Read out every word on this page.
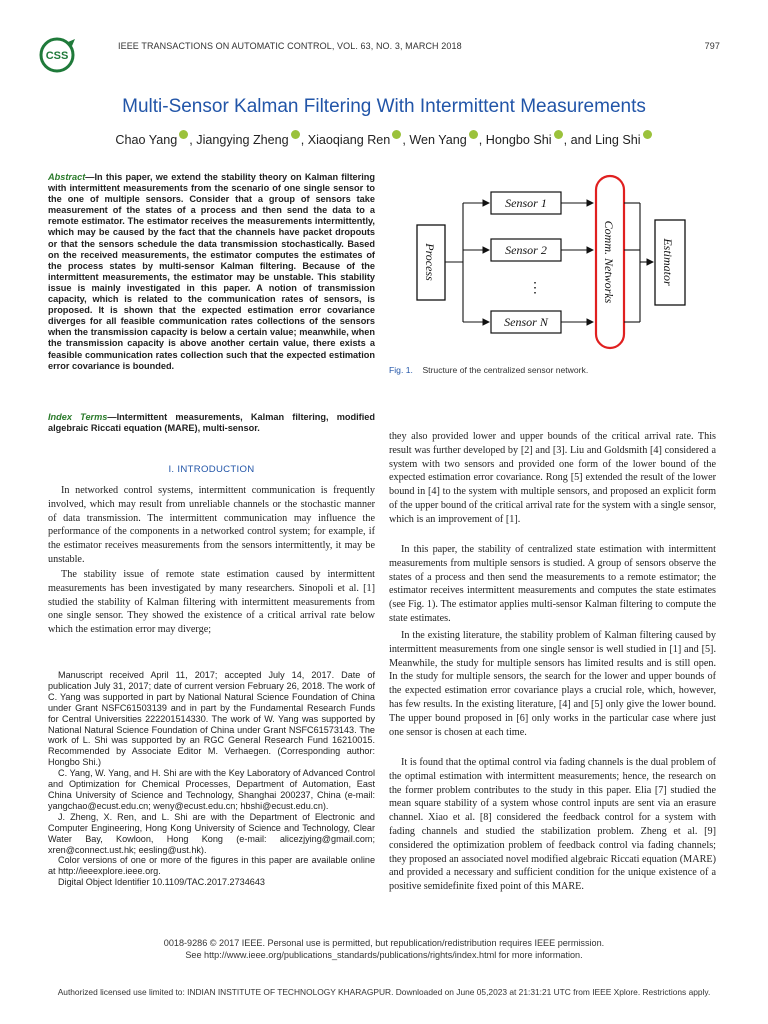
CSS
IEEE TRANSACTIONS ON AUTOMATIC CONTROL, VOL. 63, NO. 3, MARCH 2018	797
Multi-Sensor Kalman Filtering With Intermittent Measurements
Chao Yang , Jiangying Zheng , Xiaoqiang Ren , Wen Yang , Hongbo Shi , and Ling Shi
Abstract—In this paper, we extend the stability theory on Kalman filtering with intermittent measurements from the scenario of one single sensor to the one of multiple sensors. Consider that a group of sensors take measurement of the states of a process and then send the data to a remote estimator. The estimator receives the measurements intermittently, which may be caused by the fact that the channels have packet dropouts or that the sensors schedule the data transmission stochastically. Based on the received measurements, the estimator computes the estimates of the process states by multi-sensor Kalman filtering. Because of the intermittent measurements, the estimator may be unstable. This stability issue is mainly investigated in this paper. A notion of transmission capacity, which is related to the communication rates of sensors, is proposed. It is shown that the expected estimation error covariance diverges for all feasible communication rates collections of the sensors when the transmission capacity is below a certain value; meanwhile, when the transmission capacity is above another certain value, there exists a feasible communication rates collection such that the expected estimation error covariance is bounded.
Index Terms—Intermittent measurements, Kalman filtering, modified algebraic Riccati equation (MARE), multi-sensor.
I. INTRODUCTION
In networked control systems, intermittent communication is frequently involved, which may result from unreliable channels or the stochastic manner of data transmission. The intermittent communication may influence the performance of the components in a networked control system; for example, if the estimator receives measurements from the sensors intermittently, it may be unstable.
The stability issue of remote state estimation caused by intermittent measurements has been investigated by many researchers. Sinopoli et al. [1] studied the stability of Kalman filtering with intermittent measurements from one single sensor. They showed the existence of a critical arrival rate below which the estimation error may diverge;

Manuscript received April 11, 2017; accepted July 14, 2017. Date of publication July 31, 2017; date of current version February 26, 2018. The work of C. Yang was supported in part by National Natural Science Foundation of China under Grant NSFC61503139 and in part by the Fundamental Research Funds for Central Universities 222201514330. The work of W. Yang was supported by National Natural Science Foundation of China under Grant NSFC61573143. The work of L. Shi was supported by an RGC General Research Fund 16210015. Recommended by Associate Editor M. Verhaegen. (Corresponding author: Hongbo Shi.)

C. Yang, W. Yang, and H. Shi are with the Key Laboratory of Advanced Control and Optimization for Chemical Processes, Department of Automation, East China University of Science and Technology, Shanghai 200237, China (e-mail: yangchao@ecust.edu.cn; weny@ecust.edu.cn; hbshi@ecust.edu.cn).

J. Zheng, X. Ren, and L. Shi are with the Department of Electronic and Computer Engineering, Hong Kong University of Science and Technology, Clear Water Bay, Kowloon, Hong Kong (e-mail: alicezjying@gmail.com; xren@connect.ust.hk; eesling@ust.hk).

Color versions of one or more of the figures in this paper are available online at http://ieeexplore.ieee.org.

Digital Object Identifier 10.1109/TAC.2017.2734643

Process
Sensor 1
Sensor 2
⋮
Sensor N
Comm. Networks	Estimator
Fig. 1. Structure of the centralized sensor network.
they also provided lower and upper bounds of the critical arrival rate. This result was further developed by [2] and [3]. Liu and Goldsmith [4] considered a system with two sensors and provided one form of the lower bound of the expected estimation error covariance. Rong [5] extended the result of the lower bound in [4] to the system with multiple sensors, and proposed an explicit form of the upper bound of the critical arrival rate for the system with a single sensor, which is an improvement of [1].
In this paper, the stability of centralized state estimation with intermittent measurements from multiple sensors is studied. A group of sensors observe the states of a process and then send the measurements to a remote estimator; the estimator receives intermittent measurements and computes the state estimates (see Fig. 1). The estimator applies multi-sensor Kalman filtering to compute the state estimates.
In the existing literature, the stability problem of Kalman filtering caused by intermittent measurements from one single sensor is well studied in [1] and [5]. Meanwhile, the study for multiple sensors has limited results and is still open. In the study for multiple sensors, the search for the lower and upper bounds of the expected estimation error covariance plays a crucial role, which, however, has few results. In the existing literature, [4] and [5] only give the lower bound. The upper bound proposed in [6] only works in the particular case where just one sensor is chosen at each time.
It is found that the optimal control via fading channels is the dual problem of the optimal estimation with intermittent measurements; hence, the research on the former problem contributes to the study in this paper. Elia [7] studied the mean square stability of a system whose control inputs are sent via an erasure channel. Xiao et al. [8] considered the feedback control for a system with fading channels and studied the stabilization problem. Zheng et al. [9] considered the optimization problem of feedback control via fading channels; they proposed an associated novel modified algebraic Riccati equation (MARE) and provided a necessary and sufficient condition for the unique existence of a positive semidefinite fixed point of this MARE.
0018-9286 © 2017 IEEE. Personal use is permitted, but republication/redistribution requires IEEE permission.
See http://www.ieee.org/publications_standards/publications/rights/index.html for more information.
Authorized licensed use limited to: INDIAN INSTITUTE OF TECHNOLOGY KHARAGPUR. Downloaded on June 05,2023 at 21:31:21 UTC from IEEE Xplore. Restrictions apply.
